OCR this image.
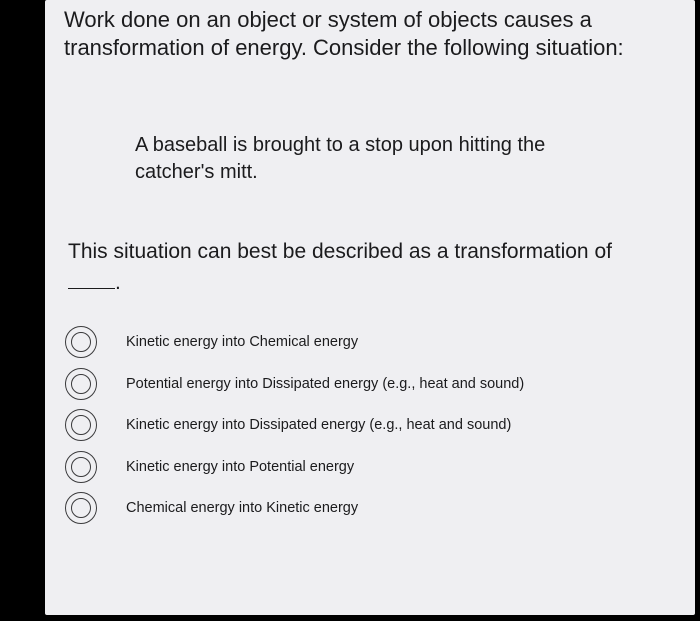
Work done on an object or system of objects causes a transformation of energy. Consider the following situation:
A baseball is brought to a stop upon hitting the catcher's mitt.
This situation can best be described as a transformation of
.
Kinetic energy into Chemical energy
Potential energy into Dissipated energy (e.g., heat and sound)
Kinetic energy into Dissipated energy (e.g., heat and sound)
Kinetic energy into Potential energy
Chemical energy into Kinetic energy
